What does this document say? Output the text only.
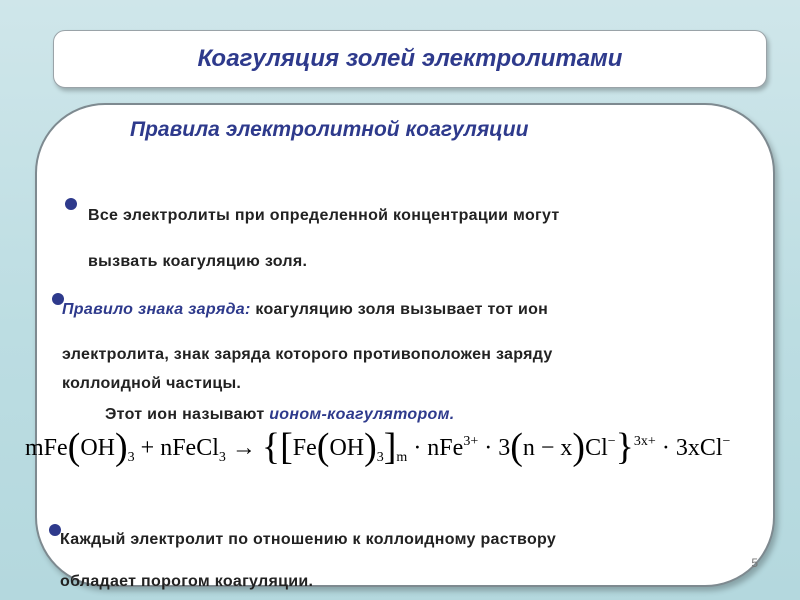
Коагуляция золей электролитами

Правила электролитной коагуляции

Все электролиты при определенной концентрации могут
вызвать коагуляцию золя.
Правило знака заряда: коагуляцию золя вызывает тот ион
электролита, знак заряда которого противоположен заряду
коллоидной частицы.
Этот ион называют ионом-коагулятором.
$mFe(OH)_3$ + nFeCl$_3$ → $\{[Fe(OH)_3]_m \cdot nFe^{3+} \cdot 3(n - x)Cl^-\}^{3x+} \cdot 3xCl^-$
Каждый электролит по отношению к коллоидному раствору
обладает порогом коагуляции.
5
